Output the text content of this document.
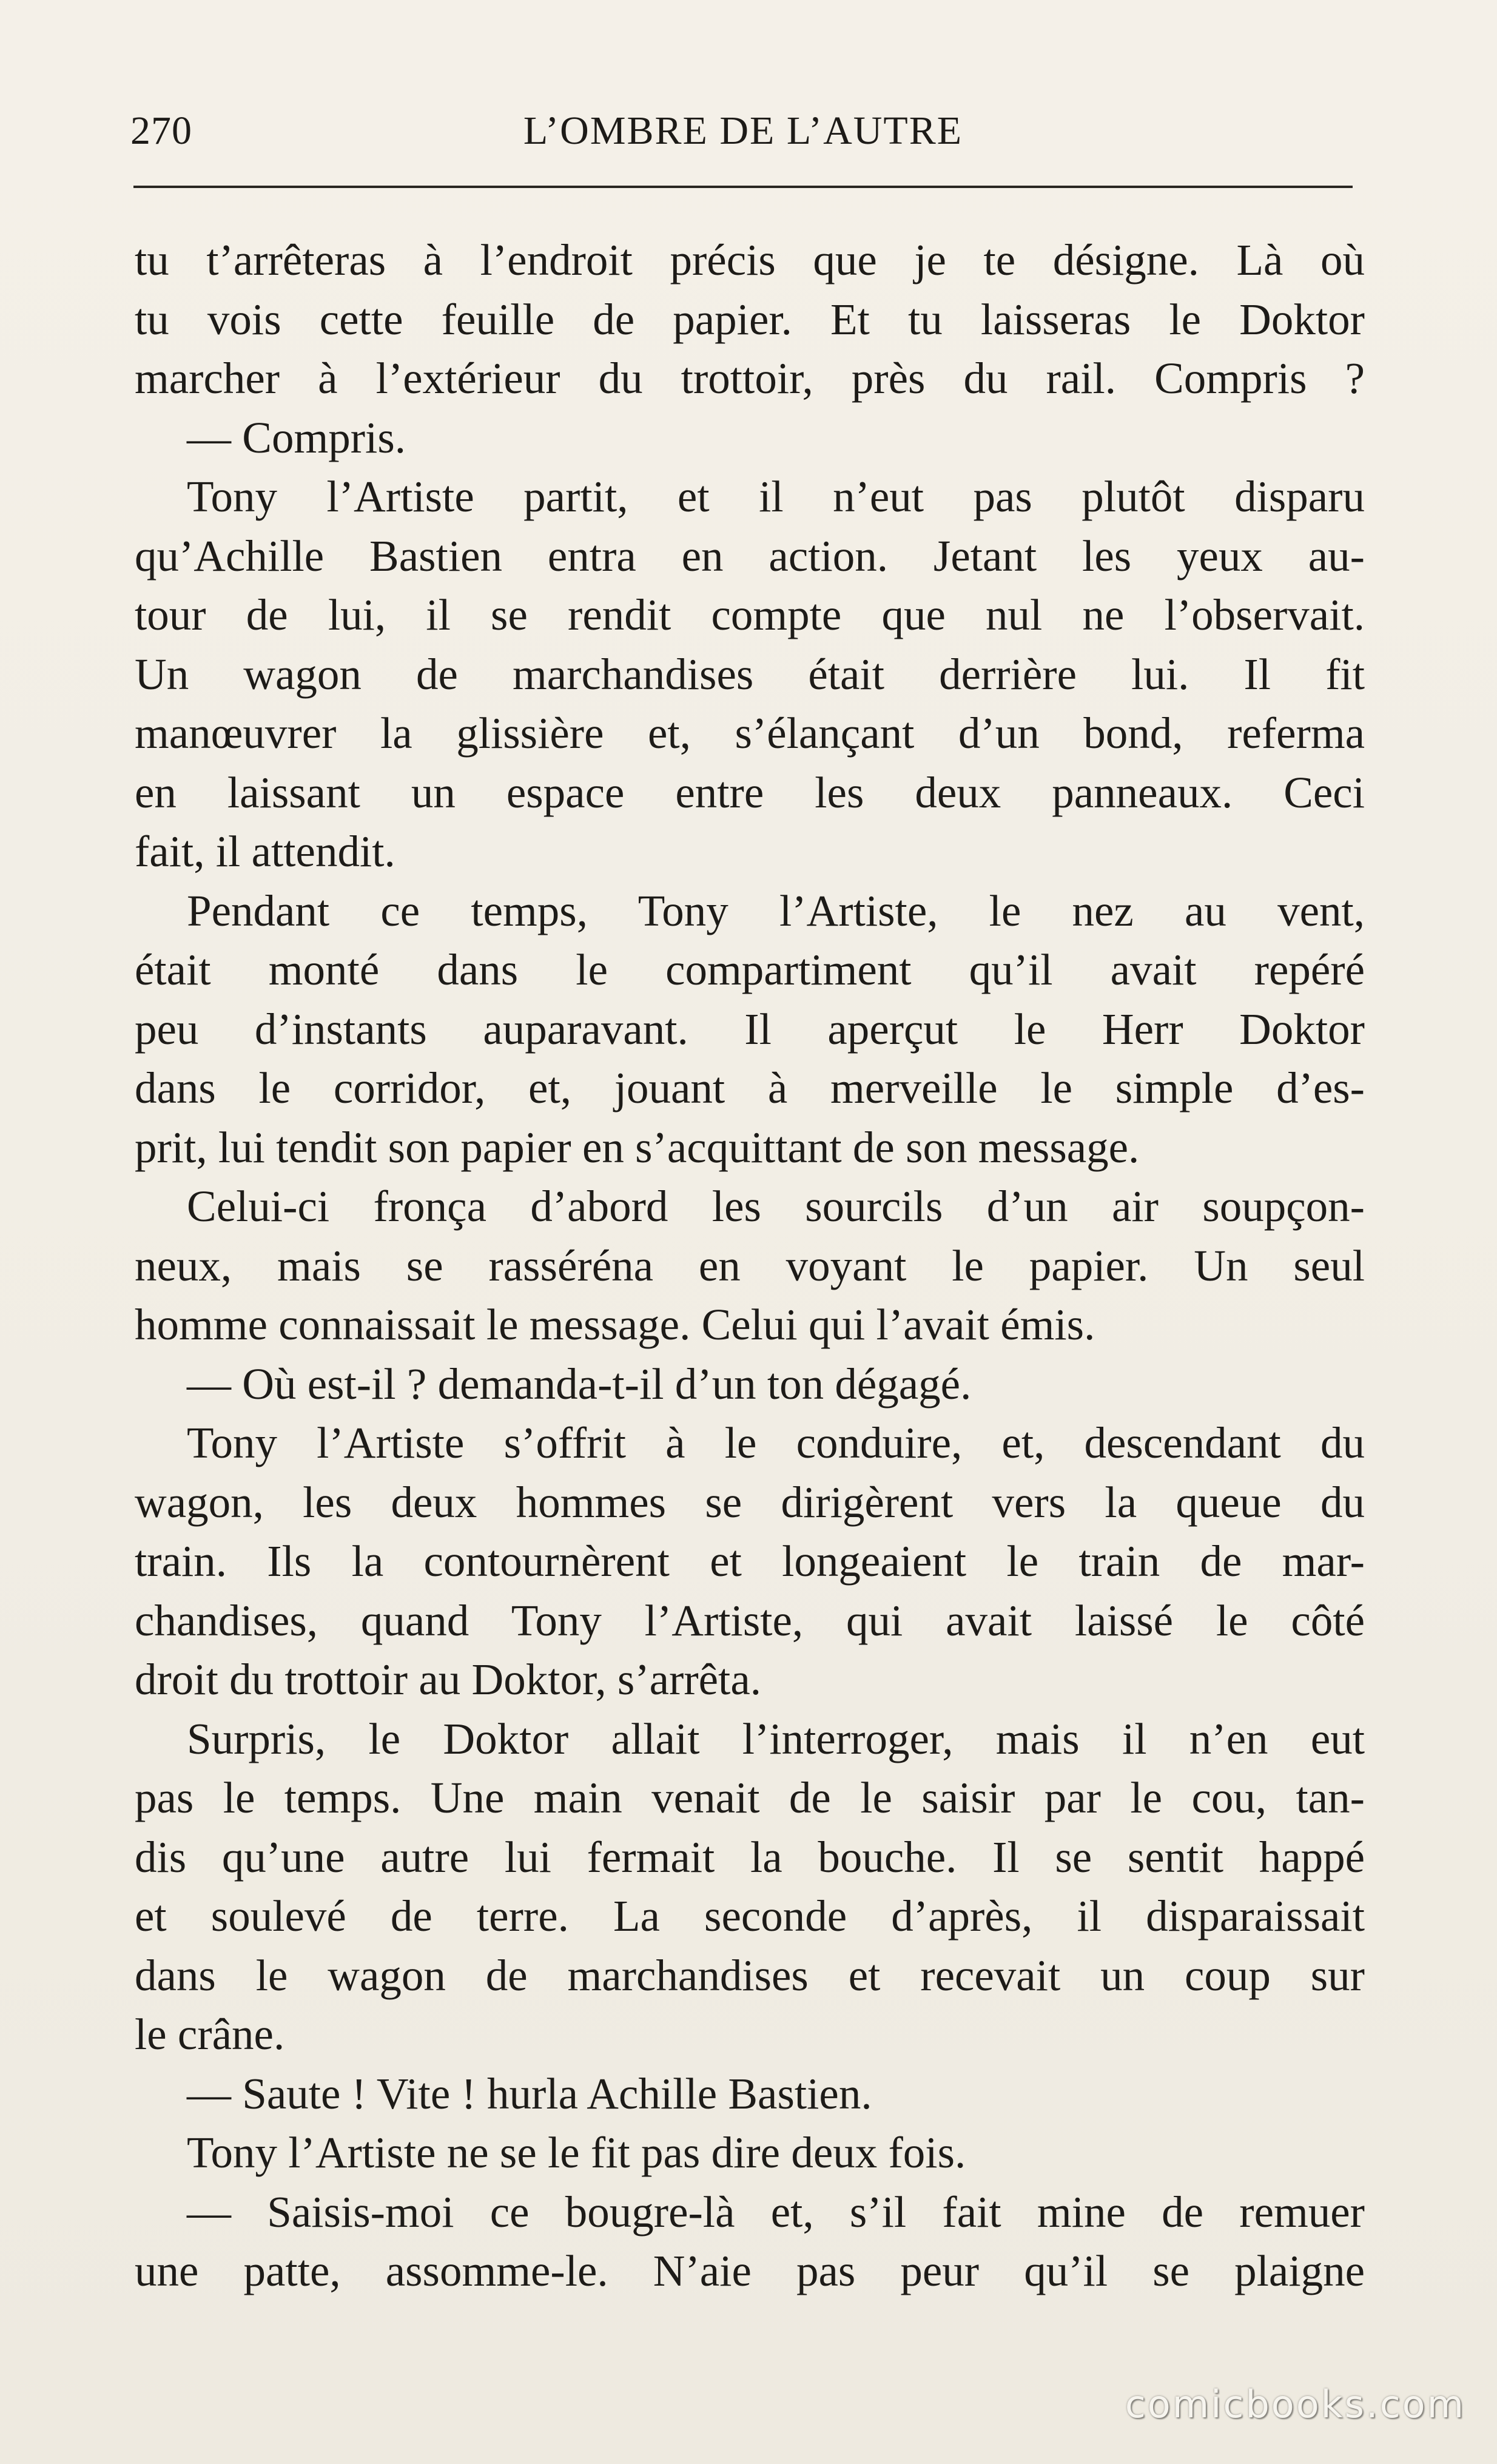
270	L’OMBRE DE L’AUTRE
tu t’arrêteras à l’endroit précis que je te désigne. Là où
tu vois cette feuille de papier. Et tu laisseras le Doktor
marcher à l’extérieur du trottoir, près du rail. Compris ?
— Compris.
Tony l’Artiste partit, et il n’eut pas plutôt disparu
qu’Achille Bastien entra en action. Jetant les yeux au-
tour de lui, il se rendit compte que nul ne l’observait.
Un wagon de marchandises était derrière lui. Il fit
manœuvrer la glissière et, s’élançant d’un bond, referma
en laissant un espace entre les deux panneaux. Ceci
fait, il attendit.
Pendant ce temps, Tony l’Artiste, le nez au vent,
était monté dans le compartiment qu’il avait repéré
peu d’instants auparavant. Il aperçut le Herr Doktor
dans le corridor, et, jouant à merveille le simple d’es-
prit, lui tendit son papier en s’acquittant de son message.
Celui-ci fronça d’abord les sourcils d’un air soupçon-
neux, mais se rasséréna en voyant le papier. Un seul
homme connaissait le message. Celui qui l’avait émis.
— Où est-il ? demanda-t-il d’un ton dégagé.
Tony l’Artiste s’offrit à le conduire, et, descendant du
wagon, les deux hommes se dirigèrent vers la queue du
train. Ils la contournèrent et longeaient le train de mar-
chandises, quand Tony l’Artiste, qui avait laissé le côté
droit du trottoir au Doktor, s’arrêta.
Surpris, le Doktor allait l’interroger, mais il n’en eut
pas le temps. Une main venait de le saisir par le cou, tan-
dis qu’une autre lui fermait la bouche. Il se sentit happé
et soulevé de terre. La seconde d’après, il disparaissait
dans le wagon de marchandises et recevait un coup sur
le crâne.
— Saute ! Vite ! hurla Achille Bastien.
Tony l’Artiste ne se le fit pas dire deux fois.
— Saisis-moi ce bougre-là et, s’il fait mine de remuer
une patte, assomme-le. N’aie pas peur qu’il se plaigne
comicbooks.com
